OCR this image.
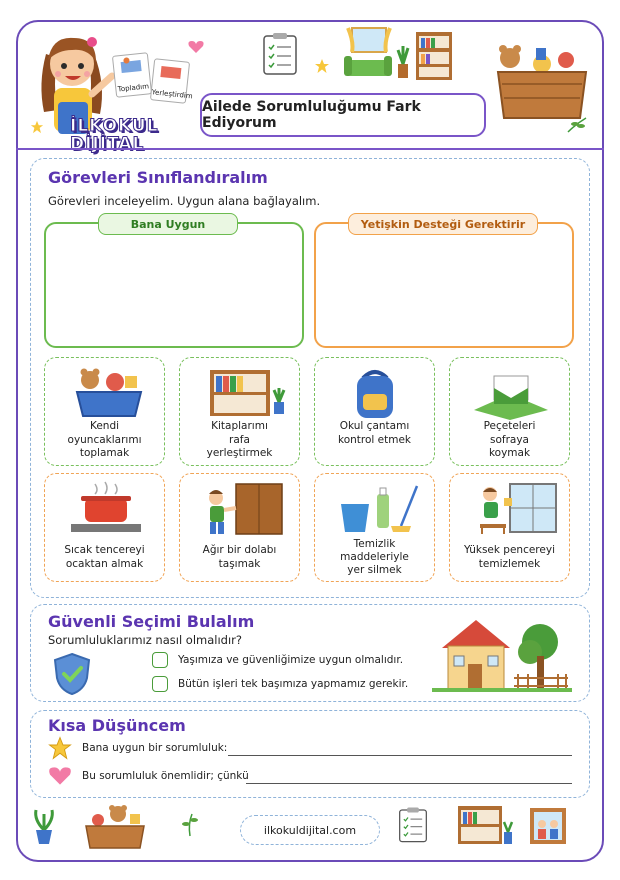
Topladım
Yerleştirdim
İLKOKUL
DİJİTAL
Ailede Sorumluluğumu Fark Ediyorum
Görevleri Sınıflandıralım
Görevleri inceleyelim. Uygun alana bağlayalım.
Bana Uygun	Yetişkin Desteği Gerektirir
Kendi
oyuncaklarımı
toplamak
Kitaplarımı
rafa
yerleştirmek
Okul çantamı
kontrol etmek
Peçeteleri
sofraya
koymak
Sıcak tencereyi
ocaktan almak
Ağır bir dolabı
taşımak
Temizlik
maddeleriyle
yer silmek
Yüksek pencereyi
temizlemek
Güvenli Seçimi Bulalım
Sorumluluklarımız nasıl olmalıdır?
Yaşımıza ve güvenliğimize uygun olmalıdır.
Bütün işleri tek başımıza yapmamız gerekir.
Kısa Düşüncem
Bana uygun bir sorumluluk:
Bu sorumluluk önemlidir; çünkü
ilkokuldijital.com
